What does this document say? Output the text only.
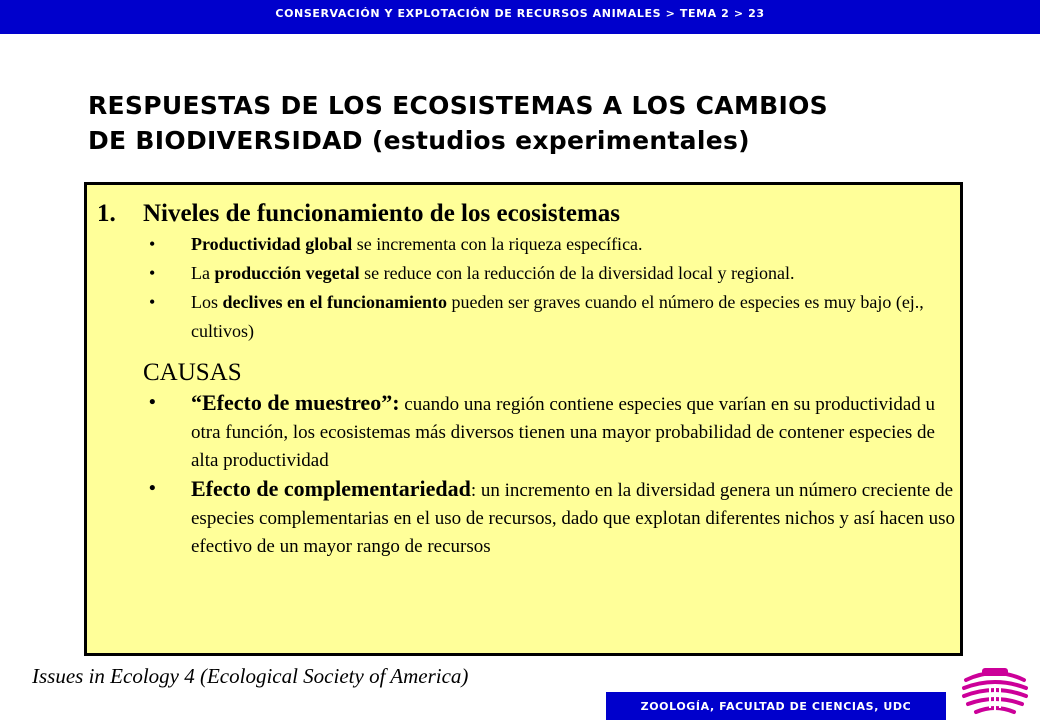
CONSERVACIÓN Y EXPLOTACIÓN DE RECURSOS ANIMALES > TEMA 2 > 23
RESPUESTAS DE LOS ECOSISTEMAS A LOS CAMBIOS
DE BIODIVERSIDAD (estudios experimentales)
1.	Niveles de funcionamiento de los ecosistemas
• Productividad global se incrementa con la riqueza específica.
• La producción vegetal se reduce con la reducción de la diversidad local y regional.
• Los declives en el funcionamiento pueden ser graves cuando el número de especies es muy bajo (ej., cultivos)
CAUSAS
• “Efecto de muestreo”: cuando una región contiene especies que varían en su productividad u otra función, los ecosistemas más diversos tienen una mayor probabilidad de contener especies de alta productividad
• Efecto de complementariedad: un incremento en la diversidad genera un número creciente de especies complementarias en el uso de recursos, dado que explotan diferentes nichos y así hacen uso efectivo de un mayor rango de recursos
Issues in Ecology 4 (Ecological Society of America)
ZOOLOGÍA, FACULTAD DE CIENCIAS, UDC
